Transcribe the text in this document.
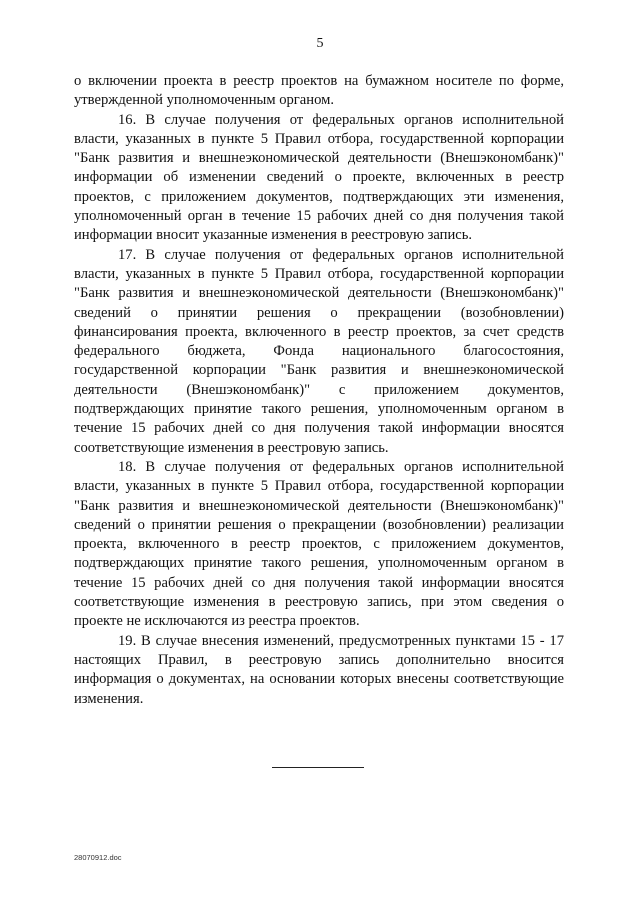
5

о включении проекта в реестр проектов на бумажном носителе по форме, утвержденной уполномоченным органом.

16. В случае получения от федеральных органов исполнительной власти, указанных в пункте 5 Правил отбора, государственной корпорации "Банк развития и внешнеэкономической деятельности (Внешэкономбанк)" информации об изменении сведений о проекте, включенных в реестр проектов, с приложением документов, подтверждающих эти изменения, уполномоченный орган в течение 15 рабочих дней со дня получения такой информации вносит указанные изменения в реестровую запись.

17. В случае получения от федеральных органов исполнительной власти, указанных в пункте 5 Правил отбора, государственной корпорации "Банк развития и внешнеэкономической деятельности (Внешэкономбанк)" сведений о принятии решения о прекращении (возобновлении) финансирования проекта, включенного в реестр проектов, за счет средств федерального бюджета, Фонда национального благосостояния, государственной корпорации "Банк развития и внешнеэкономической деятельности (Внешэкономбанк)" с приложением документов, подтверждающих принятие такого решения, уполномоченным органом в течение 15 рабочих дней со дня получения такой информации вносятся соответствующие изменения в реестровую запись.

18. В случае получения от федеральных органов исполнительной власти, указанных в пункте 5 Правил отбора, государственной корпорации "Банк развития и внешнеэкономической деятельности (Внешэкономбанк)" сведений о принятии решения о прекращении (возобновлении) реализации проекта, включенного в реестр проектов, с приложением документов, подтверждающих принятие такого решения, уполномоченным органом в течение 15 рабочих дней со дня получения такой информации вносятся соответствующие изменения в реестровую запись, при этом сведения о проекте не исключаются из реестра проектов.

19. В случае внесения изменений, предусмотренных пунктами 15 - 17 настоящих Правил, в реестровую запись дополнительно вносится информация о документах, на основании которых внесены соответствующие изменения.

28070912.doc
